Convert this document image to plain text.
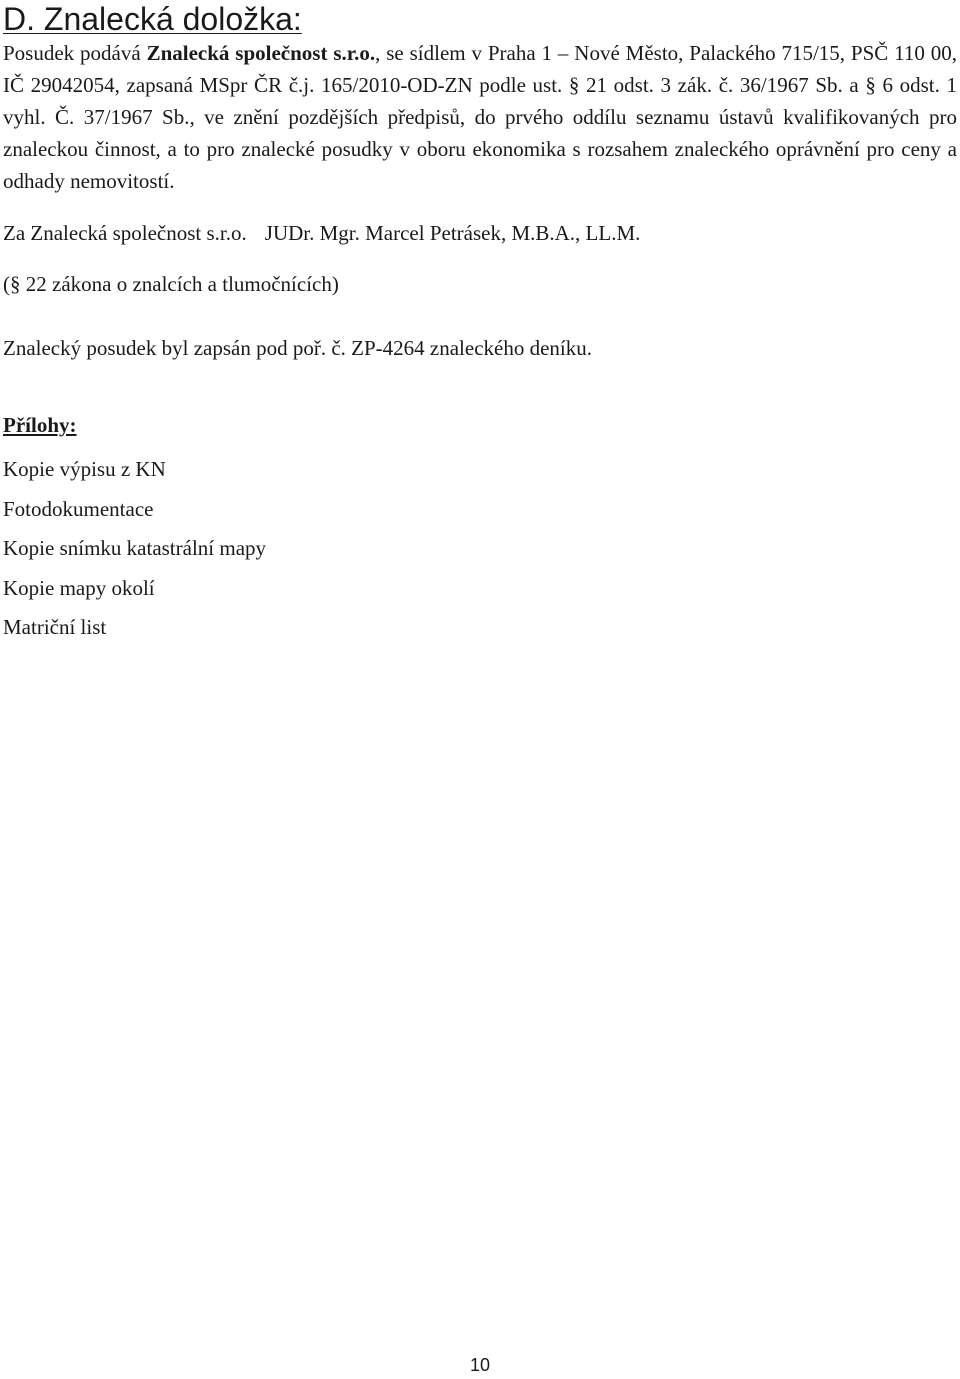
D. Znalecká doložka:

Posudek podává Znalecká společnost s.r.o., se sídlem v Praha 1 – Nové Město, Palackého 715/15, PSČ 110 00, IČ 29042054, zapsaná MSpr ČR č.j. 165/2010-OD-ZN podle ust. § 21 odst. 3 zák. č. 36/1967 Sb. a § 6 odst. 1 vyhl. Č. 37/1967 Sb., ve znění pozdějších předpisů, do prvého oddílu seznamu ústavů kvalifikovaných pro znaleckou činnost, a to pro znalecké posudky v oboru ekonomika s rozsahem znaleckého oprávnění pro ceny a odhady nemovitostí.

Za Znalecká společnost s.r.o. JUDr. Mgr. Marcel Petrásek, M.B.A., LL.M.

(§ 22 zákona o znalcích a tlumočnících)

Znalecký posudek byl zapsán pod poř. č. ZP-4264 znaleckého deníku.

Přílohy:

Kopie výpisu z KN
Fotodokumentace
Kopie snímku katastrální mapy
Kopie mapy okolí
Matriční list
10
